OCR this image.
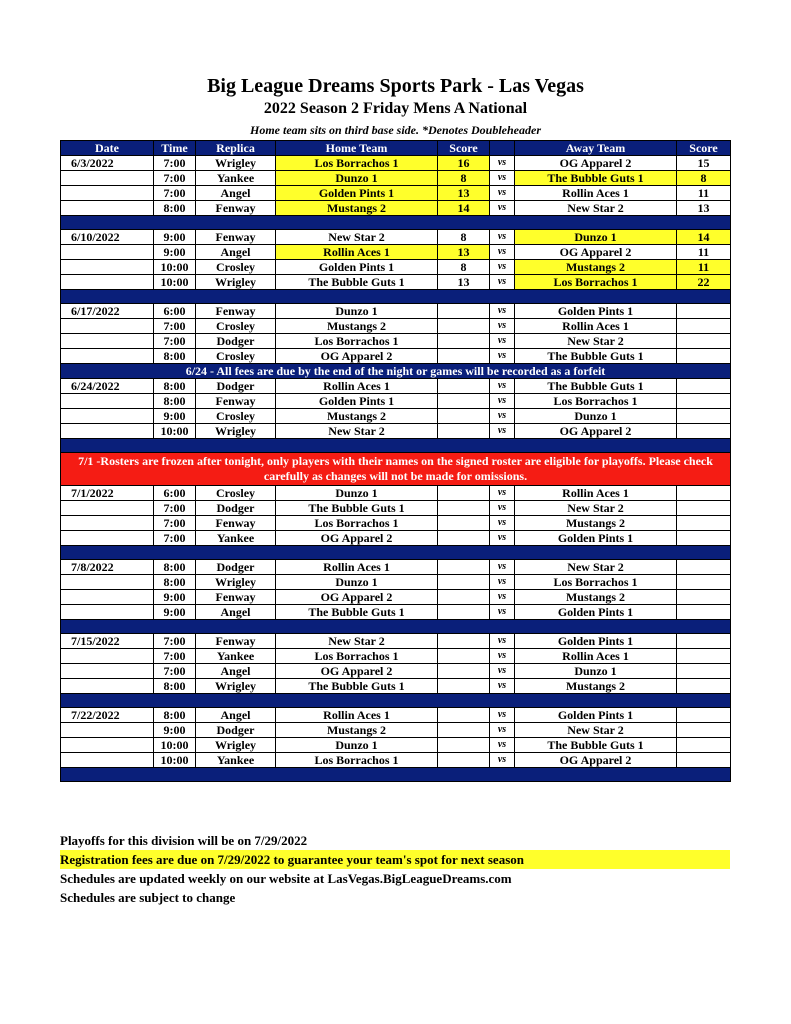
Big League Dreams Sports Park - Las Vegas
2022 Season 2 Friday Mens A National
Home team sits on third base side. *Denotes Doubleheader
Date	Time	Replica	Home Team	Score		Away Team	Score
6/3/2022	7:00	Wrigley	Los Borrachos 1	16	vs	OG Apparel 2	15
	7:00	Yankee	Dunzo 1	8	vs	The Bubble Guts 1	8
	7:00	Angel	Golden Pints 1	13	vs	Rollin Aces 1	11
	8:00	Fenway	Mustangs 2	14	vs	New Star 2	13

6/10/2022	9:00	Fenway	New Star 2	8	vs	Dunzo 1	14
	9:00	Angel	Rollin Aces 1	13	vs	OG Apparel 2	11
	10:00	Crosley	Golden Pints 1	8	vs	Mustangs 2	11
	10:00	Wrigley	The Bubble Guts 1	13	vs	Los Borrachos 1	22

6/17/2022	6:00	Fenway	Dunzo 1		vs	Golden Pints 1	
	7:00	Crosley	Mustangs 2		vs	Rollin Aces 1	
	7:00	Dodger	Los Borrachos 1		vs	New Star 2	
	8:00	Crosley	OG Apparel 2		vs	The Bubble Guts 1	
6/24 - All fees are due by the end of the night or games will be recorded as a forfeit							
6/24/2022	8:00	Dodger	Rollin Aces 1		vs	The Bubble Guts 1	
	8:00	Fenway	Golden Pints 1		vs	Los Borrachos 1	
	9:00	Crosley	Mustangs 2		vs	Dunzo 1	
	10:00	Wrigley	New Star 2		vs	OG Apparel 2	

7/1 -Rosters are frozen after tonight, only players with their names on the signed roster are eligible for playoffs. Please check carefully as changes will not be made for omissions.							
7/1/2022	6:00	Crosley	Dunzo 1		vs	Rollin Aces 1	
	7:00	Dodger	The Bubble Guts 1		vs	New Star 2	
	7:00	Fenway	Los Borrachos 1		vs	Mustangs 2	
	7:00	Yankee	OG Apparel 2		vs	Golden Pints 1	

7/8/2022	8:00	Dodger	Rollin Aces 1		vs	New Star 2	
	8:00	Wrigley	Dunzo 1		vs	Los Borrachos 1	
	9:00	Fenway	OG Apparel 2		vs	Mustangs 2	
	9:00	Angel	The Bubble Guts 1		vs	Golden Pints 1	

7/15/2022	7:00	Fenway	New Star 2		vs	Golden Pints 1	
	7:00	Yankee	Los Borrachos 1		vs	Rollin Aces 1	
	7:00	Angel	OG Apparel 2		vs	Dunzo 1	
	8:00	Wrigley	The Bubble Guts 1		vs	Mustangs 2	

7/22/2022	8:00	Angel	Rollin Aces 1		vs	Golden Pints 1	
	9:00	Dodger	Mustangs 2		vs	New Star 2	
	10:00	Wrigley	Dunzo 1		vs	The Bubble Guts 1	
	10:00	Yankee	Los Borrachos 1		vs	OG Apparel 2	

Playoffs for this division will be on 7/29/2022
Registration fees are due on 7/29/2022 to guarantee your team's spot for next season
Schedules are updated weekly on our website at LasVegas.BigLeagueDreams.com
Schedules are subject to change
